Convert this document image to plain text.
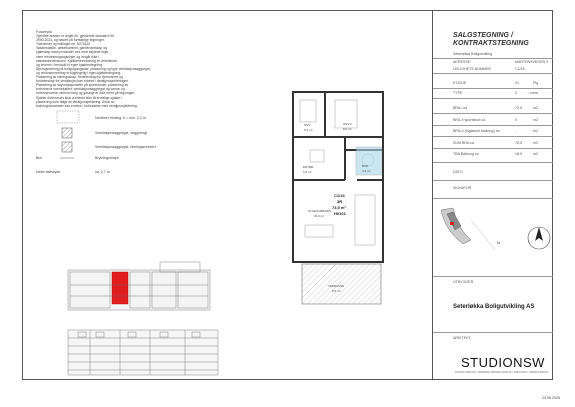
Fotavtrykk:
Gjeldfrie arealer er angitt iht. gjeldende standard NS
3940:2023, og basert på foreløpige tegninger.
Toleranser og målinger iht. NS 3420.
Vaskemaskin, tørketrommel, garderobeskap og
kjøleskap samt produkter ved med stiplede linjer,
viser mindreinngangslinjer og inngår ikke i
standardleveransen. Kjøkkeninnredning er veiledende
og leveres i henhold til egen kjøkkentegning.
Åpningsretning på boligutgangsdør, plassering og type ventilasjonsaggregat,
og vindusinnretning er tilgjengelig i egen kjøkkentegning.
Plassering av sikringsskap, fordelerskap for fjernvarme og
fordelerskap for ventilasjon kan endres i detaljprosjekteringen.
Plassering av skyveskapsdører på sportsboder, plassering av
fortrinnsvis varmekabler, ventilasjonsaggregat og varme og
fortrinnsvarme mellom bolig og garasje er ikke ment på tegningen.
Sjakter fortrinnsvis skal vurderes ikke tå endelige sjakter i
plassering som følge av detaljprosjektering. Areal av
bakvinghimarealer kan endres i forbindelse med detaljprosjektering.
Nedforet himling: h = min. 2,2 m
Ventilasjonsaggregat, vegghengt
Ventilasjonsaggregat, himlingsmontert
Bim	Brytningsmaye
Netto takhøyde	ca. 2,7 m
SOV
5,3 m²
SOV 2
8,0 m²
BAD
4,3 m²
ENTRÉ
5,8 m²
STUE/KJØKKEN
33,9 m²
TERRASSE
8,5 m²
C1/16
3R
73,5 m²
H0101
SALGSTEGNING / KONTRAKTSTEGNING
Seterløkka Boligutvikling
ADRESSE	MARTENSVEGEN 3
LEILIGHETS NUMMER	C1/16
ETASJE	01	Plg
TYPE	3	- roms
BRA-i ca	73,5	m2
BRA-e sportsbod ca	5	m2
BRA-b (inglasset balkong) ca	-	m2
SUM BRA ca	78,5	m2
TBA Balkong ca	18,5	m2
DATO
SIGNATUR
N
UTBYGGER
Seterløkka Boligutvikling AS
ARKITEKT
STUDIONSW
STUDIO NSW AS • NORDAHL BRUNS GATE 22 • 0165 OSLO • WWW.NSW.NO
23.06.2025
